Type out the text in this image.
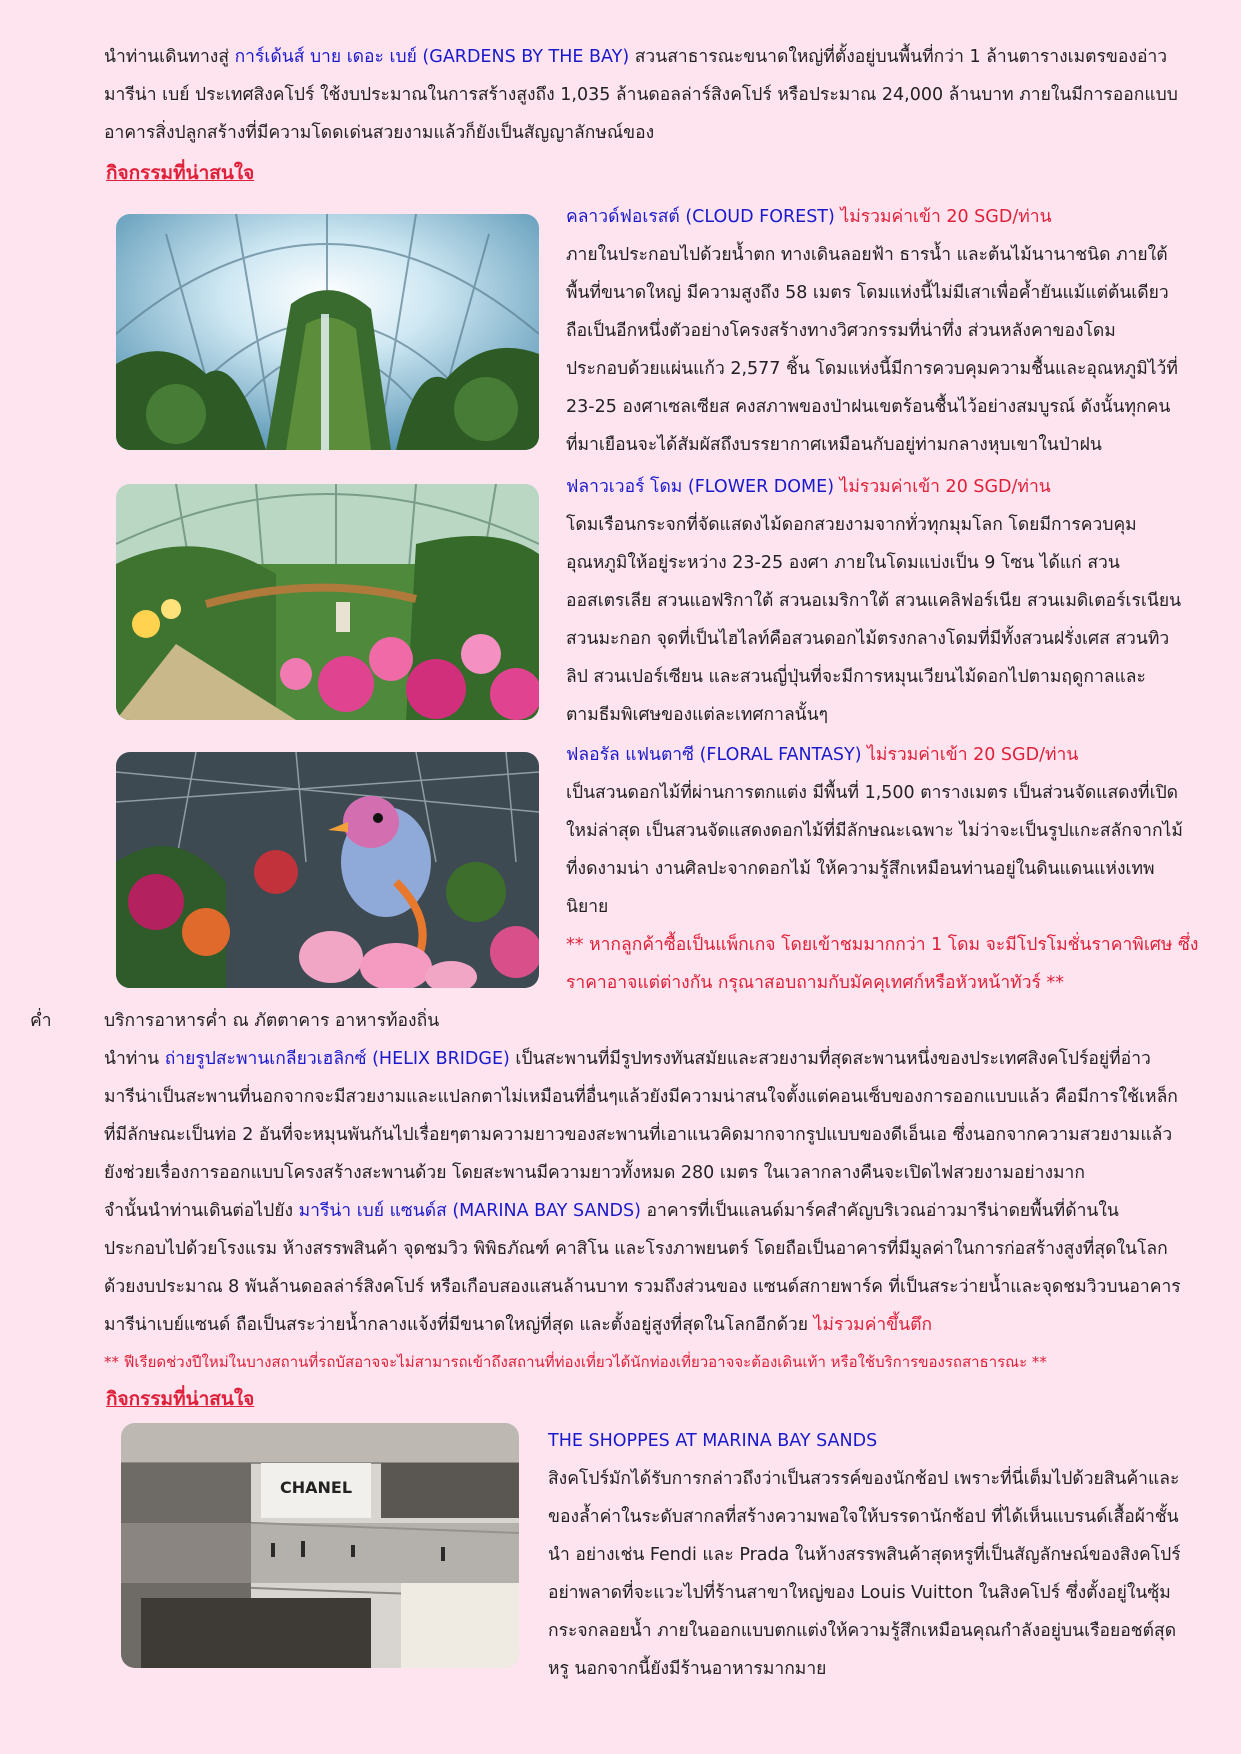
นำท่านเดินทางสู่ การ์เด้นส์ บาย เดอะ เบย์ (GARDENS BY THE BAY) สวนสาธารณะขนาดใหญ่ที่ตั้งอยู่บนพื้นที่กว่า 1 ล้านตารางเมตรของอ่าว
มารีน่า เบย์ ประเทศสิงคโปร์ ใช้งบประมาณในการสร้างสูงถึง 1,035 ล้านดอลล่าร์สิงคโปร์ หรือประมาณ 24,000 ล้านบาท ภายในมีการออกแบบ
อาคารสิ่งปลูกสร้างที่มีความโดดเด่นสวยงามแล้วก็ยังเป็นสัญญาลักษณ์ของ
กิจกรรมที่น่าสนใจ
คลาวด์ฟอเรสต์ (CLOUD FOREST) ไม่รวมค่าเข้า 20 SGD/ท่าน
ภายในประกอบไปด้วยน้ำตก ทางเดินลอยฟ้า ธารน้ำ และต้นไม้นานาชนิด ภายใต้
พื้นที่ขนาดใหญ่ มีความสูงถึง 58 เมตร โดมแห่งนี้ไม่มีเสาเพื่อค้ำยันแม้แต่ต้นเดียว
ถือเป็นอีกหนึ่งตัวอย่างโครงสร้างทางวิศวกรรมที่น่าทึ่ง ส่วนหลังคาของโดม
ประกอบด้วยแผ่นแก้ว 2,577 ชิ้น โดมแห่งนี้มีการควบคุมความชื้นและอุณหภูมิไว้ที่
23-25 องศาเซลเซียส คงสภาพของป่าฝนเขตร้อนชื้นไว้อย่างสมบูรณ์ ดังนั้นทุกคน
ที่มาเยือนจะได้สัมผัสถึงบรรยากาศเหมือนกับอยู่ท่ามกลางหุบเขาในป่าฝน
ฟลาวเวอร์ โดม (FLOWER DOME) ไม่รวมค่าเข้า 20 SGD/ท่าน
โดมเรือนกระจกที่จัดแสดงไม้ดอกสวยงามจากทั่วทุกมุมโลก โดยมีการควบคุม
อุณหภูมิให้อยู่ระหว่าง 23-25 องศา ภายในโดมแบ่งเป็น 9 โซน ได้แก่ สวน
ออสเตรเลีย สวนแอฟริกาใต้ สวนอเมริกาใต้ สวนแคลิฟอร์เนีย สวนเมดิเตอร์เรเนียน
สวนมะกอก จุดที่เป็นไฮไลท์คือสวนดอกไม้ตรงกลางโดมที่มีทั้งสวนฝรั่งเศส สวนทิว
ลิป สวนเปอร์เซียน และสวนญี่ปุ่นที่จะมีการหมุนเวียนไม้ดอกไปตามฤดูกาลและ
ตามธีมพิเศษของแต่ละเทศกาลนั้นๆ
ฟลอรัล แฟนตาซี (FLORAL FANTASY) ไม่รวมค่าเข้า 20 SGD/ท่าน
เป็นสวนดอกไม้ที่ผ่านการตกแต่ง มีพื้นที่ 1,500 ตารางเมตร เป็นส่วนจัดแสดงที่เปิด
ใหม่ล่าสุด เป็นสวนจัดแสดงดอกไม้ที่มีลักษณะเฉพาะ ไม่ว่าจะเป็นรูปแกะสลักจากไม้
ที่งดงามน่า งานศิลปะจากดอกไม้ ให้ความรู้สึกเหมือนท่านอยู่ในดินแดนแห่งเทพ
นิยาย
** หากลูกค้าซื้อเป็นแพ็กเกจ โดยเข้าชมมากกว่า 1 โดม จะมีโปรโมชั่นราคาพิเศษ ซึ่ง
ราคาอาจแต่ต่างกัน กรุณาสอบถามกับมัคคุเทศก์หรือหัวหน้าทัวร์ **
ค่ำ	บริการอาหารค่ำ ณ ภัตตาคาร อาหารท้องถิ่น
นำท่าน ถ่ายรูปสะพานเกลียวเฮลิกซ์ (HELIX BRIDGE) เป็นสะพานที่มีรูปทรงทันสมัยและสวยงามที่สุดสะพานหนึ่งของประเทศสิงคโปร์อยู่ที่อ่าว
มารีน่าเป็นสะพานที่นอกจากจะมีสวยงามและแปลกตาไม่เหมือนที่อื่นๆแล้วยังมีความน่าสนใจตั้งแต่คอนเซ็บของการออกแบบแล้ว คือมีการใช้เหล็ก
ที่มีลักษณะเป็นท่อ 2 อันที่จะหมุนพันกันไปเรื่อยๆตามความยาวของสะพานที่เอาแนวคิดมากจากรูปแบบของดีเอ็นเอ ซึ่งนอกจากความสวยงามแล้ว
ยังช่วยเรื่องการออกแบบโครงสร้างสะพานด้วย โดยสะพานมีความยาวทั้งหมด 280 เมตร ในเวลากลางคืนจะเปิดไฟสวยงามอย่างมาก
จำนั้นนำท่านเดินต่อไปยัง มารีน่า เบย์ แซนด์ส (MARINA BAY SANDS) อาคารที่เป็นแลนด์มาร์คสำคัญบริเวณอ่าวมารีน่าดยพื้นที่ด้านใน
ประกอบไปด้วยโรงแรม ห้างสรรพสินค้า จุดชมวิว พิพิธภัณฑ์ คาสิโน และโรงภาพยนตร์ โดยถือเป็นอาคารที่มีมูลค่าในการก่อสร้างสูงที่สุดในโลก
ด้วยงบประมาณ 8 พันล้านดอลล่าร์สิงคโปร์ หรือเกือบสองแสนล้านบาท รวมถึงส่วนของ แซนด์สกายพาร์ค ที่เป็นสระว่ายน้ำและจุดชมวิวบนอาคาร
มารีน่าเบย์แซนด์ ถือเป็นสระว่ายน้ำกลางแจ้งที่มีขนาดใหญ่ที่สุด และตั้งอยู่สูงที่สุดในโลกอีกด้วย ไม่รวมค่าขึ้นตึก
** ฟีเรียดช่วงปีใหม่ในบางสถานที่รถบัสอาจจะไม่สามารถเข้าถึงสถานที่ท่องเที่ยวได้นักท่องเที่ยวอาจจะต้องเดินเท้า หรือใช้บริการของรถสาธารณะ **
กิจกรรมที่น่าสนใจ
CHANEL
THE SHOPPES AT MARINA BAY SANDS
สิงคโปร์มักได้รับการกล่าวถึงว่าเป็นสวรรค์ของนักช้อป เพราะที่นี่เต็มไปด้วยสินค้าและ
ของล้ำค่าในระดับสากลที่สร้างความพอใจให้บรรดานักช้อป ที่ได้เห็นแบรนด์เสื้อผ้าชั้น
นำ อย่างเช่น Fendi และ Prada ในห้างสรรพสินค้าสุดหรูที่เป็นสัญลักษณ์ของสิงคโปร์
อย่าพลาดที่จะแวะไปที่ร้านสาขาใหญ่ของ Louis Vuitton ในสิงคโปร์ ซึ่งตั้งอยู่ในซุ้ม
กระจกลอยน้ำ ภายในออกแบบตกแต่งให้ความรู้สึกเหมือนคุณกำลังอยู่บนเรือยอชต์สุด
หรู นอกจากนี้ยังมีร้านอาหารมากมาย
